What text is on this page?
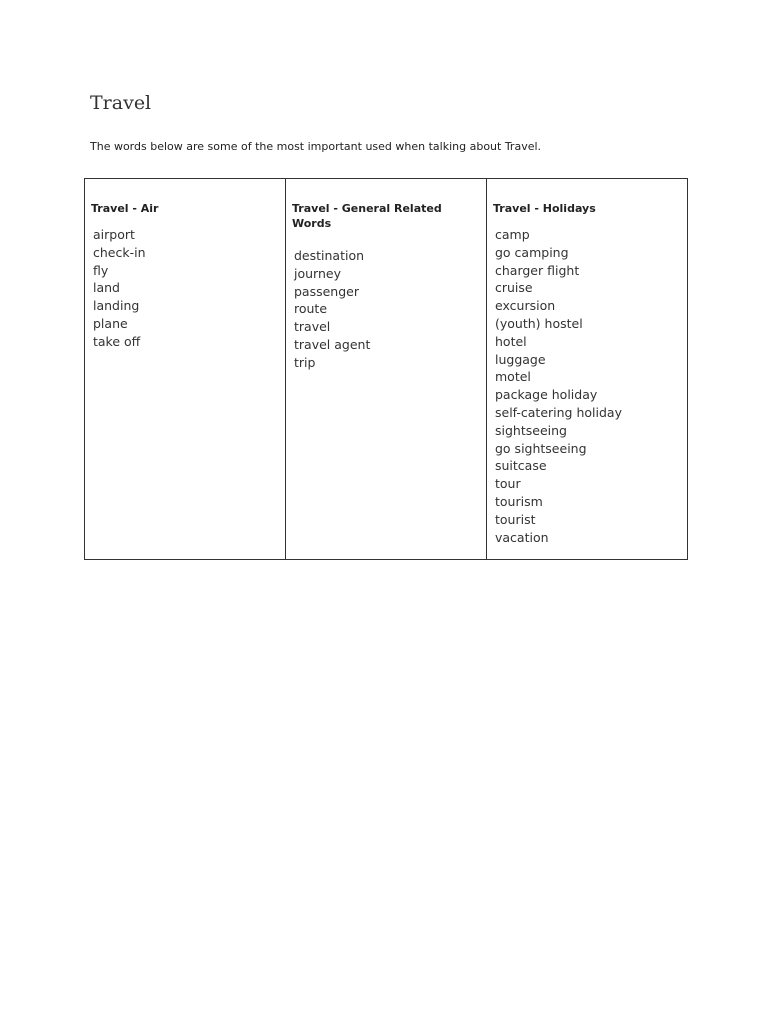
Travel

The words below are some of the most important used when talking about Travel.

Travel - Air
airport
check-in
fly
land
landing
plane
take off

Travel - General Related Words
destination
journey
passenger
route
travel
travel agent
trip

Travel - Holidays
camp
go camping
charger flight
cruise
excursion
(youth) hostel
hotel
luggage
motel
package holiday
self-catering holiday
sightseeing
go sightseeing
suitcase
tour
tourism
tourist
vacation
